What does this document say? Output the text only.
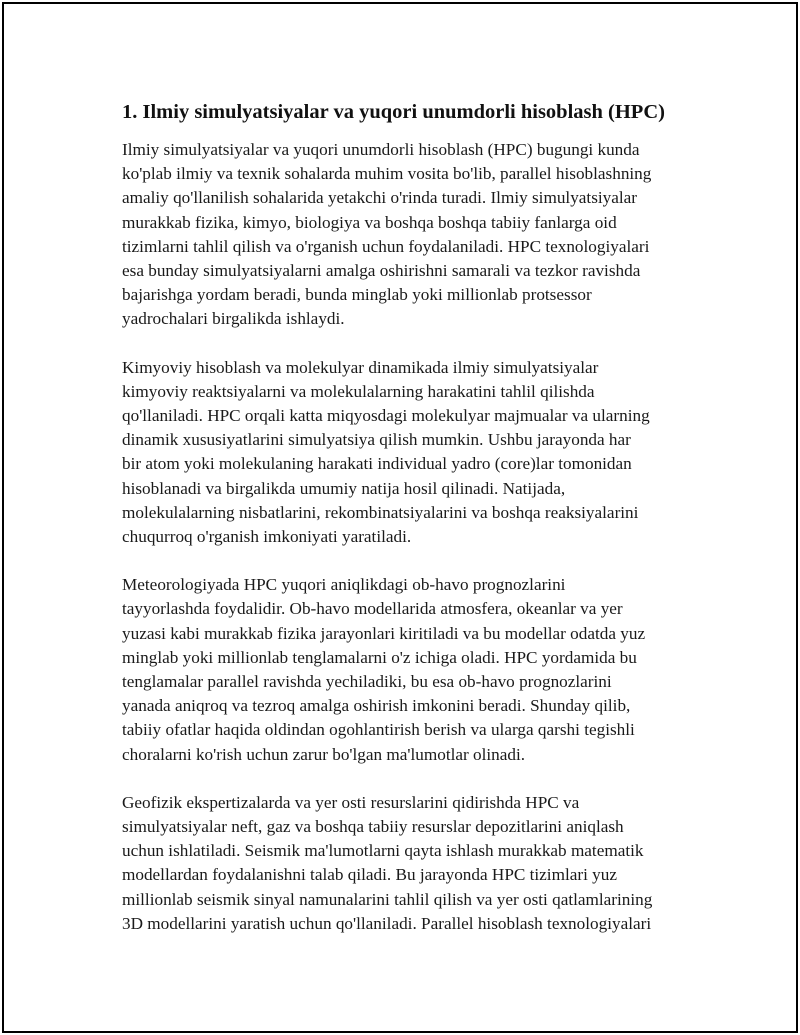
1. Ilmiy simulyatsiyalar va yuqori unumdorli hisoblash (HPC)
Ilmiy simulyatsiyalar va yuqori unumdorli hisoblash (HPC) bugungi kunda
ko'plab ilmiy va texnik sohalarda muhim vosita bo'lib, parallel hisoblashning
amaliy qo'llanilish sohalarida yetakchi o'rinda turadi. Ilmiy simulyatsiyalar
murakkab fizika, kimyo, biologiya va boshqa boshqa tabiiy fanlarga oid
tizimlarni tahlil qilish va o'rganish uchun foydalaniladi. HPC texnologiyalari
esa bunday simulyatsiyalarni amalga oshirishni samarali va tezkor ravishda
bajarishga yordam beradi, bunda minglab yoki millionlab protsessor
yadrochalari birgalikda ishlaydi.
Kimyoviy hisoblash va molekulyar dinamikada ilmiy simulyatsiyalar
kimyoviy reaktsiyalarni va molekulalarning harakatini tahlil qilishda
qo'llaniladi. HPC orqali katta miqyosdagi molekulyar majmualar va ularning
dinamik xususiyatlarini simulyatsiya qilish mumkin. Ushbu jarayonda har
bir atom yoki molekulaning harakati individual yadro (core)lar tomonidan
hisoblanadi va birgalikda umumiy natija hosil qilinadi. Natijada,
molekulalarning nisbatlarini, rekombinatsiyalarini va boshqa reaksiyalarini
chuqurroq o'rganish imkoniyati yaratiladi.
Meteorologiyada HPC yuqori aniqlikdagi ob-havo prognozlarini
tayyorlashda foydalidir. Ob-havo modellarida atmosfera, okeanlar va yer
yuzasi kabi murakkab fizika jarayonlari kiritiladi va bu modellar odatda yuz
minglab yoki millionlab tenglamalarni o'z ichiga oladi. HPC yordamida bu
tenglamalar parallel ravishda yechiladiki, bu esa ob-havo prognozlarini
yanada aniqroq va tezroq amalga oshirish imkonini beradi. Shunday qilib,
tabiiy ofatlar haqida oldindan ogohlantirish berish va ularga qarshi tegishli
choralarni ko'rish uchun zarur bo'lgan ma'lumotlar olinadi.
Geofizik ekspertizalarda va yer osti resurslarini qidirishda HPC va
simulyatsiyalar neft, gaz va boshqa tabiiy resurslar depozitlarini aniqlash
uchun ishlatiladi. Seismik ma'lumotlarni qayta ishlash murakkab matematik
modellardan foydalanishni talab qiladi. Bu jarayonda HPC tizimlari yuz
millionlab seismik sinyal namunalarini tahlil qilish va yer osti qatlamlarining
3D modellarini yaratish uchun qo'llaniladi. Parallel hisoblash texnologiyalari
